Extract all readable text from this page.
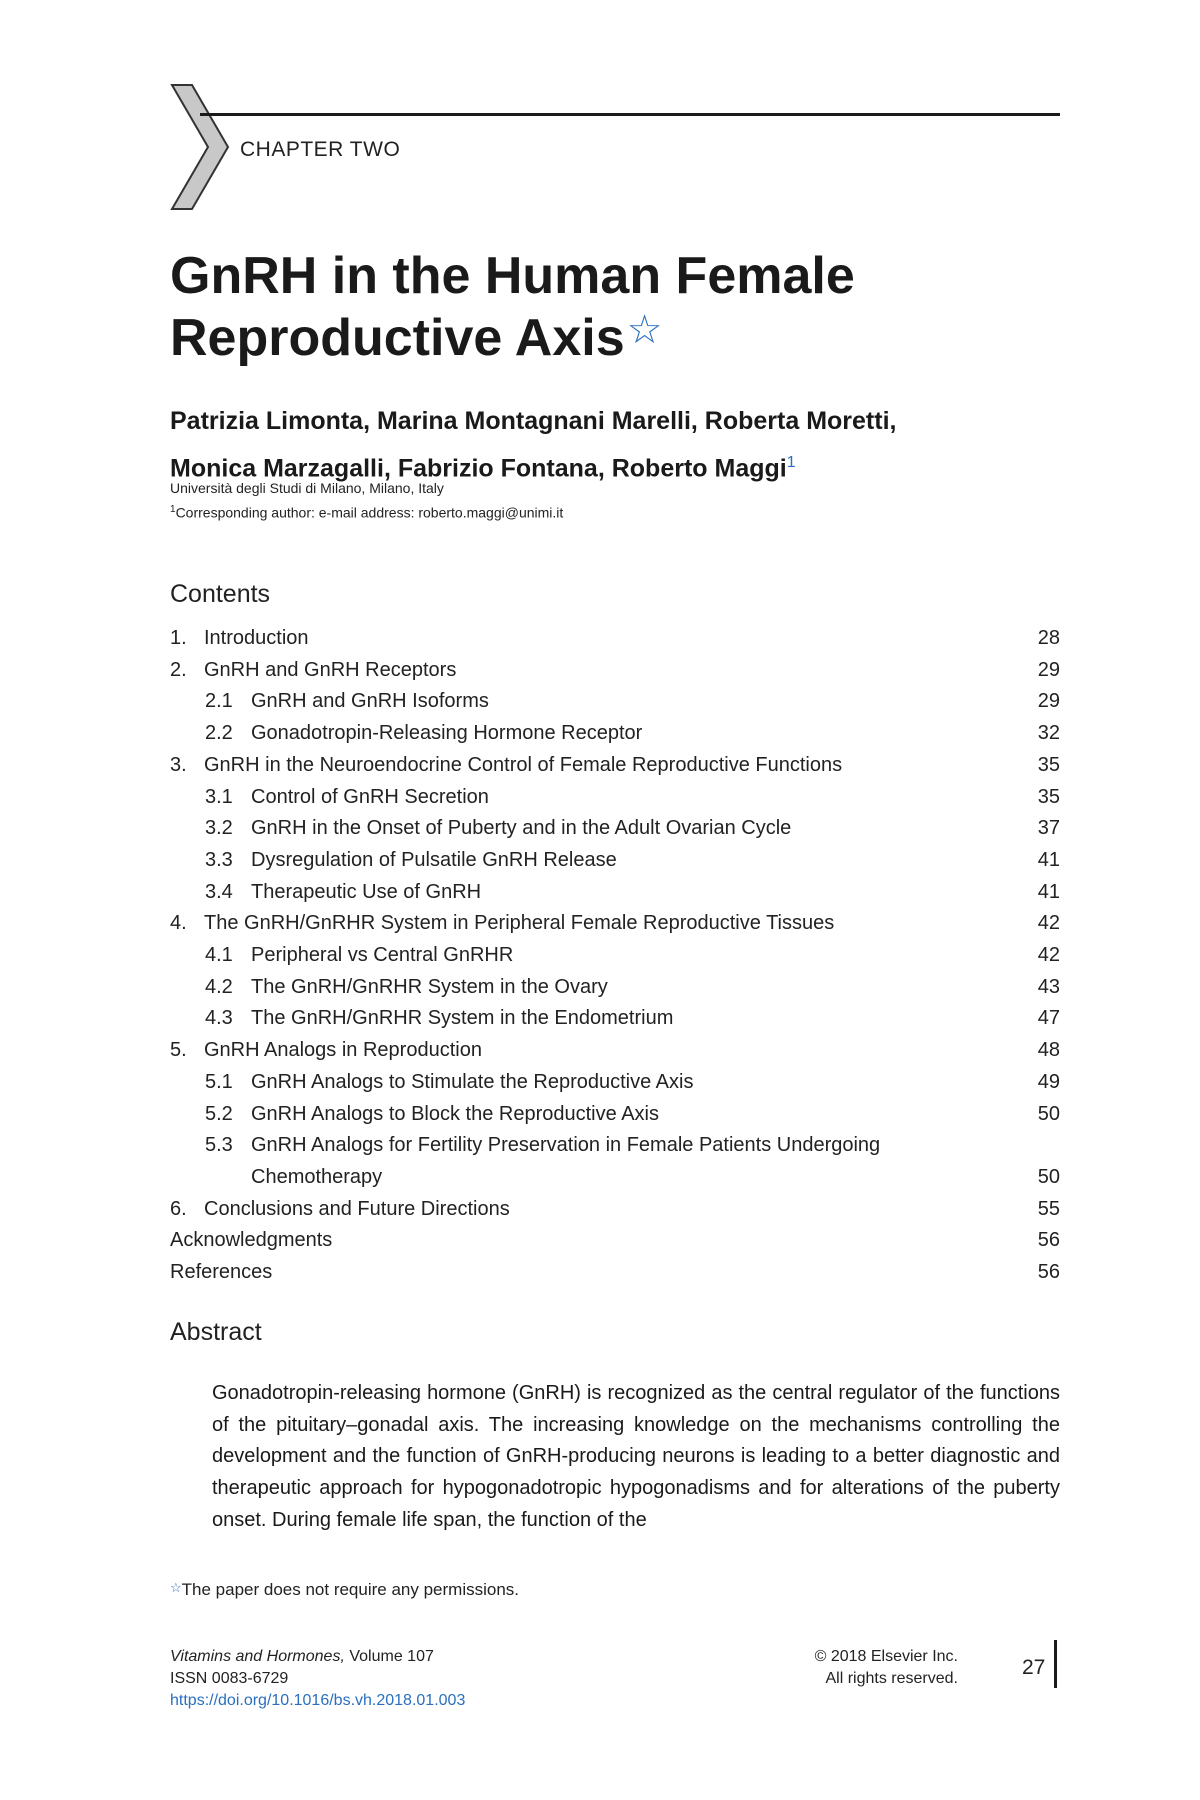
CHAPTER TWO
GnRH in the Human Female
Reproductive Axis☆
Patrizia Limonta, Marina Montagnani Marelli, Roberta Moretti,
Monica Marzagalli, Fabrizio Fontana, Roberto Maggi$^1$
Università degli Studi di Milano, Milano, Italy
$^1$Corresponding author: e-mail address: roberto.maggi@unimi.it
Contents
1. Introduction	28
2. GnRH and GnRH Receptors	29
2.1 GnRH and GnRH Isoforms	29
2.2 Gonadotropin-Releasing Hormone Receptor	32
3. GnRH in the Neuroendocrine Control of Female Reproductive Functions	35
3.1 Control of GnRH Secretion	35
3.2 GnRH in the Onset of Puberty and in the Adult Ovarian Cycle	37
3.3 Dysregulation of Pulsatile GnRH Release	41
3.4 Therapeutic Use of GnRH	41
4. The GnRH/GnRHR System in Peripheral Female Reproductive Tissues	42
4.1 Peripheral vs Central GnRHR	42
4.2 The GnRH/GnRHR System in the Ovary	43
4.3 The GnRH/GnRHR System in the Endometrium	47
5. GnRH Analogs in Reproduction	48
5.1 GnRH Analogs to Stimulate the Reproductive Axis	49
5.2 GnRH Analogs to Block the Reproductive Axis	50
5.3 GnRH Analogs for Fertility Preservation in Female Patients Undergoing Chemotherapy	50
6. Conclusions and Future Directions	55
Acknowledgments	56
References	56
Abstract
Gonadotropin-releasing hormone (GnRH) is recognized as the central regulator of the functions of the pituitary–gonadal axis. The increasing knowledge on the mechanisms controlling the development and the function of GnRH-producing neurons is leading to a better diagnostic and therapeutic approach for hypogonadotropic hypogonadisms and for alterations of the puberty onset. During female life span, the function of the
☆The paper does not require any permissions.
Vitamins and Hormones, Volume 107
ISSN 0083-6729
https://doi.org/10.1016/bs.vh.2018.01.003
© 2018 Elsevier Inc.
All rights reserved.	27
